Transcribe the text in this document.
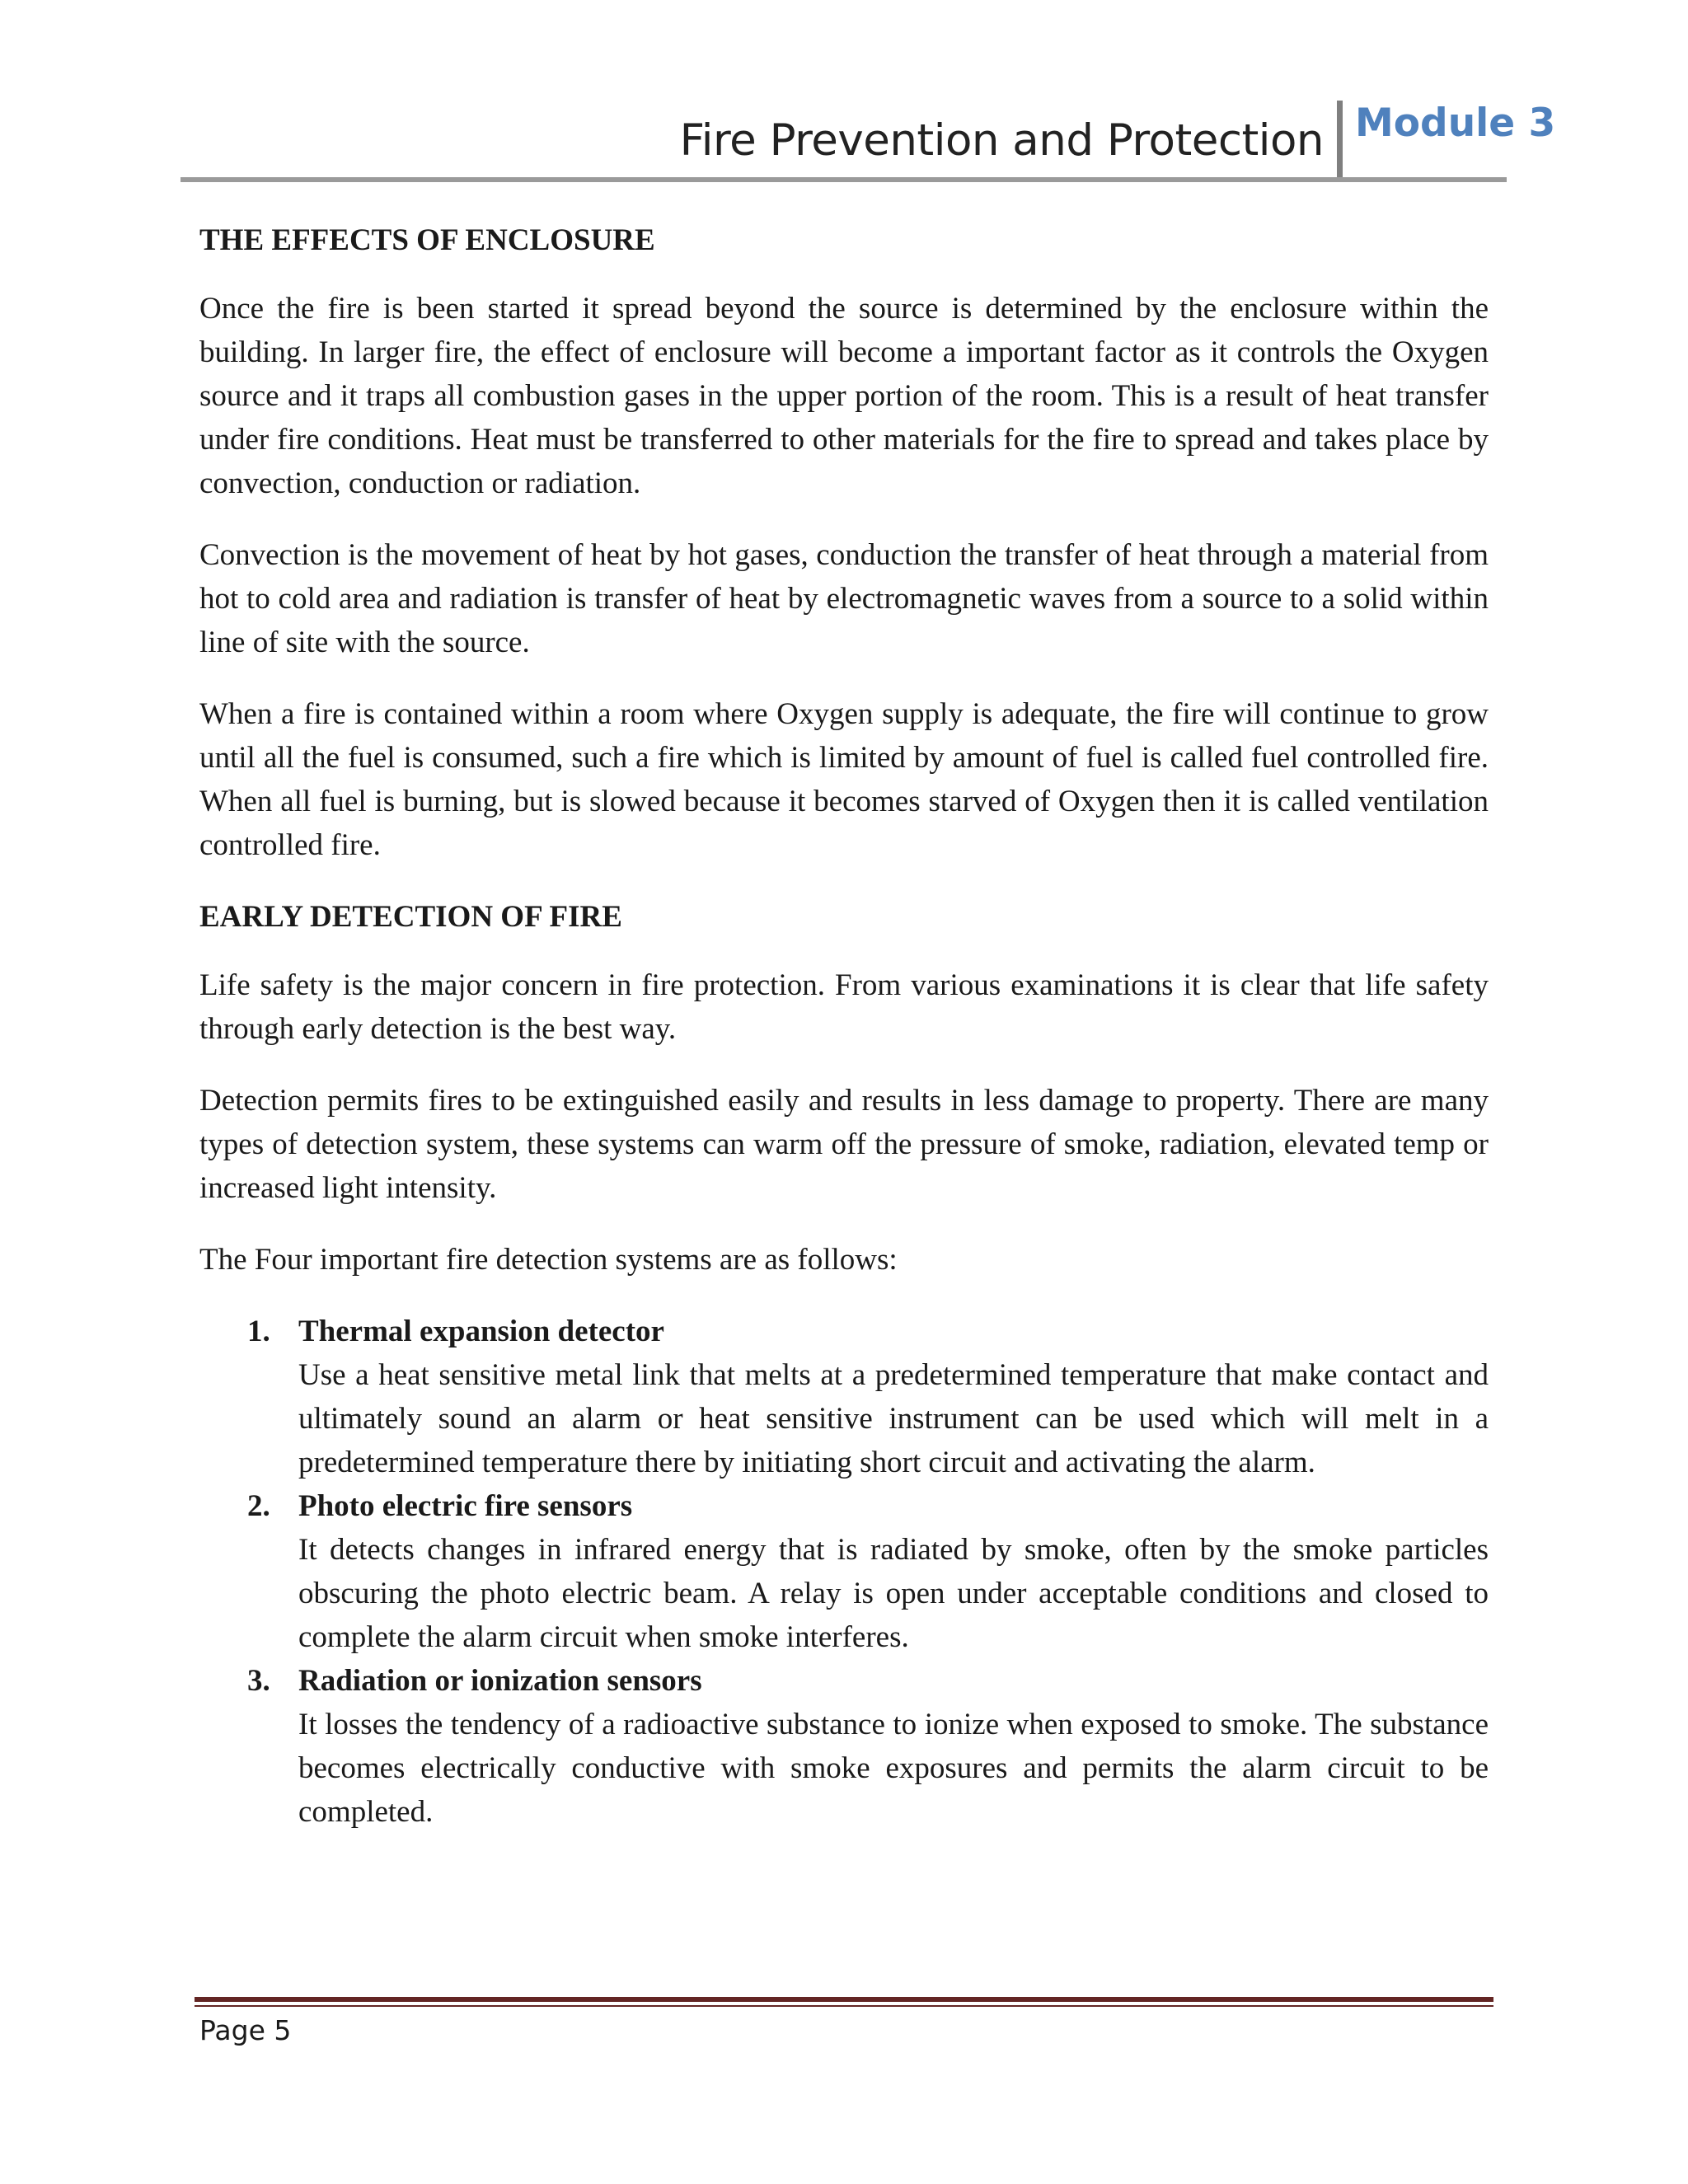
Fire Prevention and Protection Module 3
THE EFFECTS OF ENCLOSURE

Once the fire is been started it spread beyond the source is determined by the enclosure within the building. In larger fire, the effect of enclosure will become a important factor as it controls the Oxygen source and it traps all combustion gases in the upper portion of the room. This is a result of heat transfer under fire conditions. Heat must be transferred to other materials for the fire to spread and takes place by convection, conduction or radiation.

Convection is the movement of heat by hot gases, conduction the transfer of heat through a material from hot to cold area and radiation is transfer of heat by electromagnetic waves from a source to a solid within line of site with the source.

When a fire is contained within a room where Oxygen supply is adequate, the fire will continue to grow until all the fuel is consumed, such a fire which is limited by amount of fuel is called fuel controlled fire. When all fuel is burning, but is slowed because it becomes starved of Oxygen then it is called ventilation controlled fire.

EARLY DETECTION OF FIRE

Life safety is the major concern in fire protection. From various examinations it is clear that life safety through early detection is the best way.

Detection permits fires to be extinguished easily and results in less damage to property. There are many types of detection system, these systems can warm off the pressure of smoke, radiation, elevated temp or increased light intensity.

The Four important fire detection systems are as follows:

1. Thermal expansion detector
Use a heat sensitive metal link that melts at a predetermined temperature that make contact and ultimately sound an alarm or heat sensitive instrument can be used which will melt in a predetermined temperature there by initiating short circuit and activating the alarm.
2. Photo electric fire sensors
It detects changes in infrared energy that is radiated by smoke, often by the smoke particles obscuring the photo electric beam. A relay is open under acceptable conditions and closed to complete the alarm circuit when smoke interferes.
3. Radiation or ionization sensors
It losses the tendency of a radioactive substance to ionize when exposed to smoke. The substance becomes electrically conductive with smoke exposures and permits the alarm circuit to be completed.
Page 5
